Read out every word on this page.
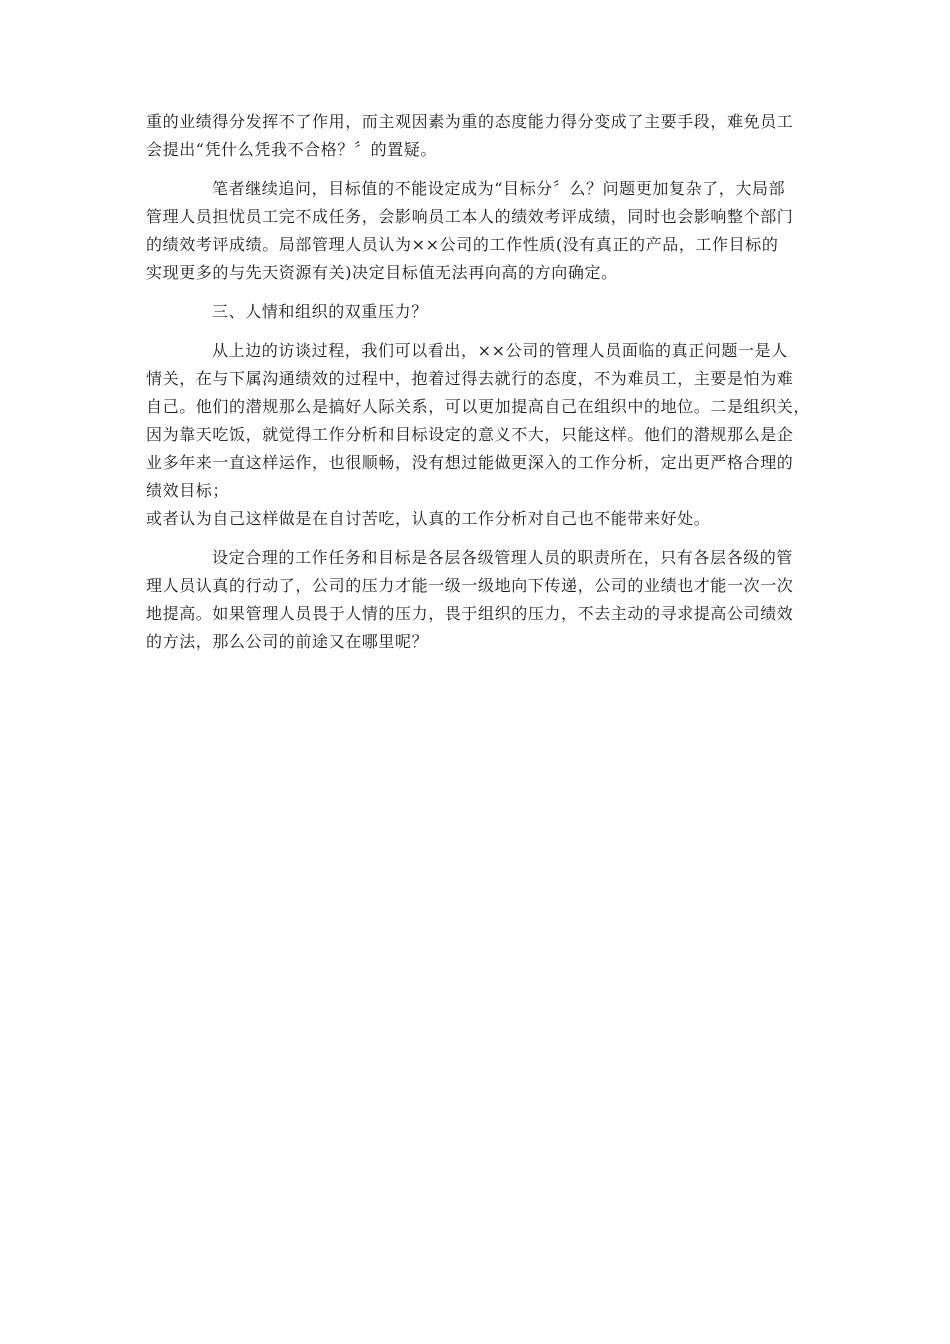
重的业绩得分发挥不了作用，而主观因素为重的态度能力得分变成了主要手段，难免员工
会提出“凭什么凭我不合格？〞的置疑。
笔者继续追问，目标值的不能设定成为“目标分〞么？问题更加复杂了，大局部
管理人员担忧员工完不成任务，会影响员工本人的绩效考评成绩，同时也会影响整个部门
的绩效考评成绩。局部管理人员认为××公司的工作性质(没有真正的产品，工作目标的
实现更多的与先天资源有关)决定目标值无法再向高的方向确定。
三、人情和组织的双重压力？
从上边的访谈过程，我们可以看出，××公司的管理人员面临的真正问题一是人
情关，在与下属沟通绩效的过程中，抱着过得去就行的态度，不为难员工，主要是怕为难
自己。他们的潜规那么是搞好人际关系，可以更加提高自己在组织中的地位。二是组织关，
因为靠天吃饭，就觉得工作分析和目标设定的意义不大，只能这样。他们的潜规那么是企
业多年来一直这样运作，也很顺畅，没有想过能做更深入的工作分析，定出更严格合理的
绩效目标；
或者认为自己这样做是在自讨苦吃，认真的工作分析对自己也不能带来好处。
设定合理的工作任务和目标是各层各级管理人员的职责所在，只有各层各级的管
理人员认真的行动了，公司的压力才能一级一级地向下传递，公司的业绩也才能一次一次
地提高。如果管理人员畏于人情的压力，畏于组织的压力，不去主动的寻求提高公司绩效
的方法，那么公司的前途又在哪里呢？
